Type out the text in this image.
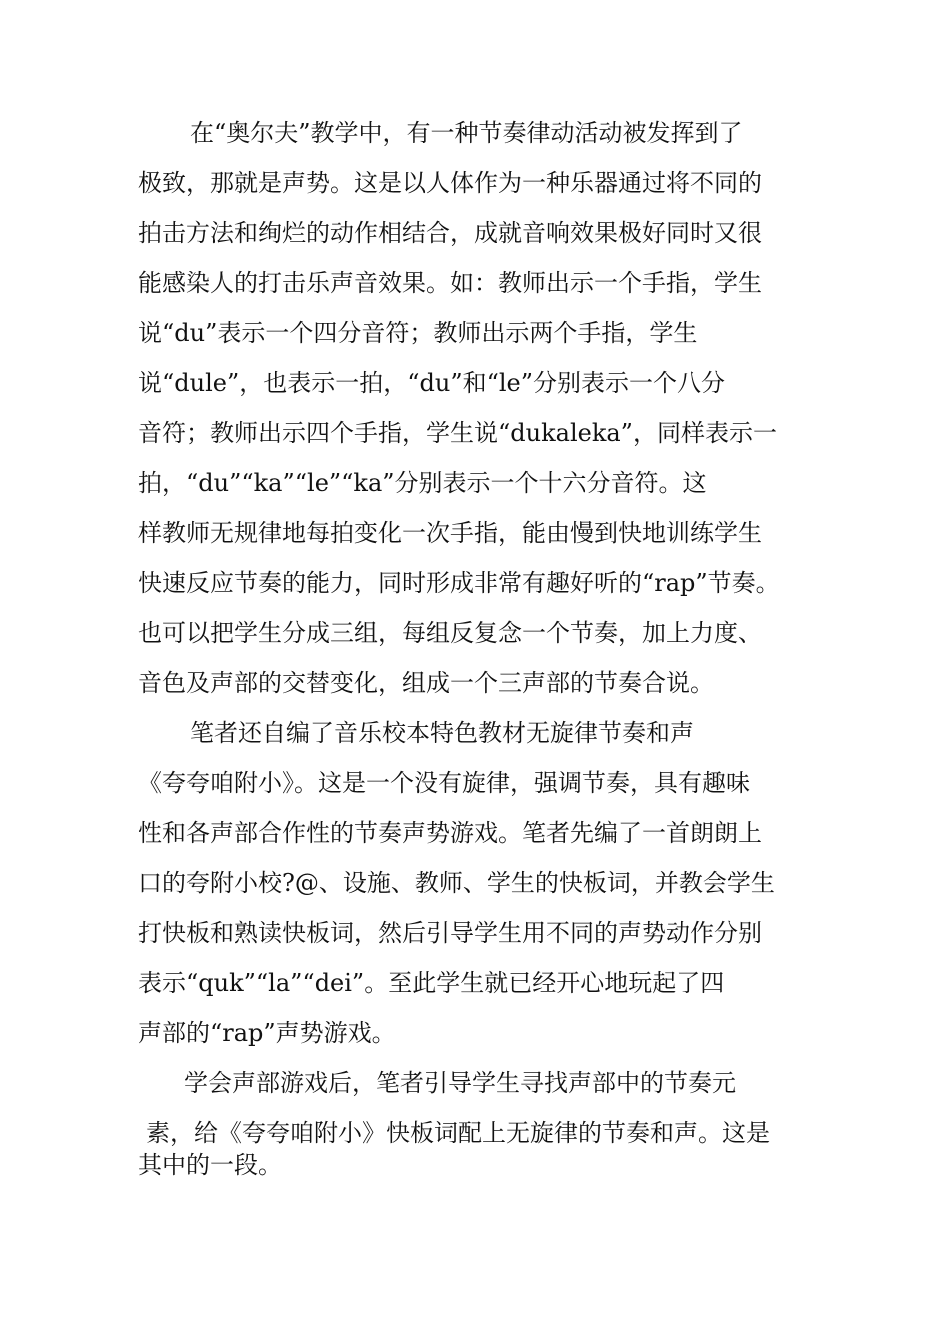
在“奥尔夫”教学中，有一种节奏律动活动被发挥到了

极致，那就是声势。这是以人体作为一种乐器通过将不同的

拍击方法和绚烂的动作相结合，成就音响效果极好同时又很

能感染人的打击乐声音效果。如：教师出示一个手指，学生

说“du”表示一个四分音符；教师出示两个手指，学生

说“dule”，也表示一拍，“du”和“le”分别表示一个八分

音符；教师出示四个手指，学生说“dukaleka”，同样表示一

拍，“du”“ka”“le”“ka”分别表示一个十六分音符。这

样教师无规律地每拍变化一次手指，能由慢到快地训练学生

快速反应节奏的能力，同时形成非常有趣好听的“rap”节奏。

也可以把学生分成三组，每组反复念一个节奏，加上力度、

音色及声部的交替变化，组成一个三声部的节奏合说。

笔者还自编了音乐校本特色教材无旋律节奏和声

《夸夸咱附小》。这是一个没有旋律，强调节奏，具有趣味

性和各声部合作性的节奏声势游戏。笔者先编了一首朗朗上

口的夸附小校?@、设施、教师、学生的快板词，并教会学生

打快板和熟读快板词，然后引导学生用不同的声势动作分别

表示“quk”“la”“dei”。至此学生就已经开心地玩起了四

声部的“rap”声势游戏。

学会声部游戏后，笔者引导学生寻找声部中的节奏元

素，给《夸夸咱附小》快板词配上无旋律的节奏和声。这是

其中的一段。
